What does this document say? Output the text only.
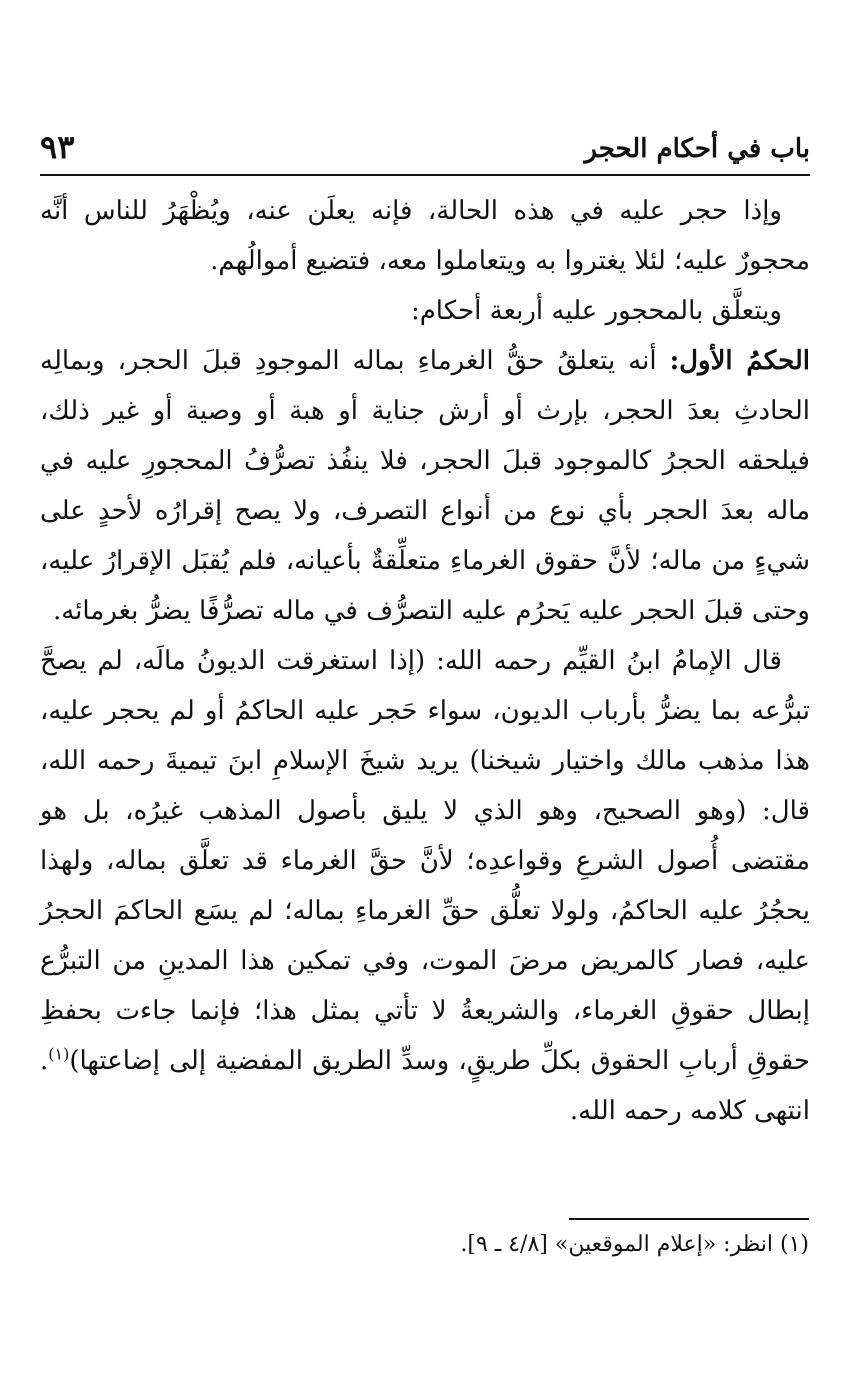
باب في أحكام الحجر
٩٣

وإذا حجر عليه في هذه الحالة، فإنه يعلَن عنه، ويُظْهَرُ للناس أنَّه محجورٌ عليه؛ لئلا يغتروا به ويتعاملوا معه، فتضيع أموالُهم.

ويتعلَّق بالمحجور عليه أربعة أحكام:

الحكمُ الأول: أنه يتعلقُ حقُّ الغرماءِ بماله الموجودِ قبلَ الحجر، وبمالِه الحادثِ بعدَ الحجر، بإرث أو أرش جناية أو هبة أو وصية أو غير ذلك، فيلحقه الحجرُ كالموجود قبلَ الحجر، فلا ينفُذ تصرُّفُ المحجورِ عليه في ماله بعدَ الحجر بأي نوع من أنواع التصرف، ولا يصح إقرارُه لأحدٍ على شيءٍ من ماله؛ لأنَّ حقوق الغرماءِ متعلِّقةٌ بأعيانه، فلم يُقبَل الإقرارُ عليه، وحتى قبلَ الحجر عليه يَحرُم عليه التصرُّف في ماله تصرُّفًا يضرُّ بغرمائه.

قال الإمامُ ابنُ القيِّم رحمه الله: (إذا استغرقت الديونُ مالَه، لم يصحَّ تبرُّعه بما يضرُّ بأرباب الديون، سواء حَجر عليه الحاكمُ أو لم يحجر عليه، هذا مذهب مالك واختيار شيخنا) يريد شيخَ الإسلامِ ابنَ تيميةَ رحمه الله، قال: (وهو الصحيح، وهو الذي لا يليق بأصول المذهب غيرُه، بل هو مقتضى أُصول الشرعِ وقواعدِه؛ لأنَّ حقَّ الغرماء قد تعلَّق بماله، ولهذا يحجُرُ عليه الحاكمُ، ولولا تعلُّق حقِّ الغرماءِ بماله؛ لم يسَع الحاكمَ الحجرُ عليه، فصار كالمريض مرضَ الموت، وفي تمكين هذا المدينِ من التبرُّع إبطال حقوقِ الغرماء، والشريعةُ لا تأتي بمثل هذا؛ فإنما جاءت بحفظِ حقوقِ أربابِ الحقوق بكلِّ طريقٍ، وسدِّ الطريق المفضية إلى إضاعتها)$^{(١)}$. انتهى كلامه رحمه الله.

(١) انظر: «إعلام الموقعين» [٤/٨ ـ ٩].
